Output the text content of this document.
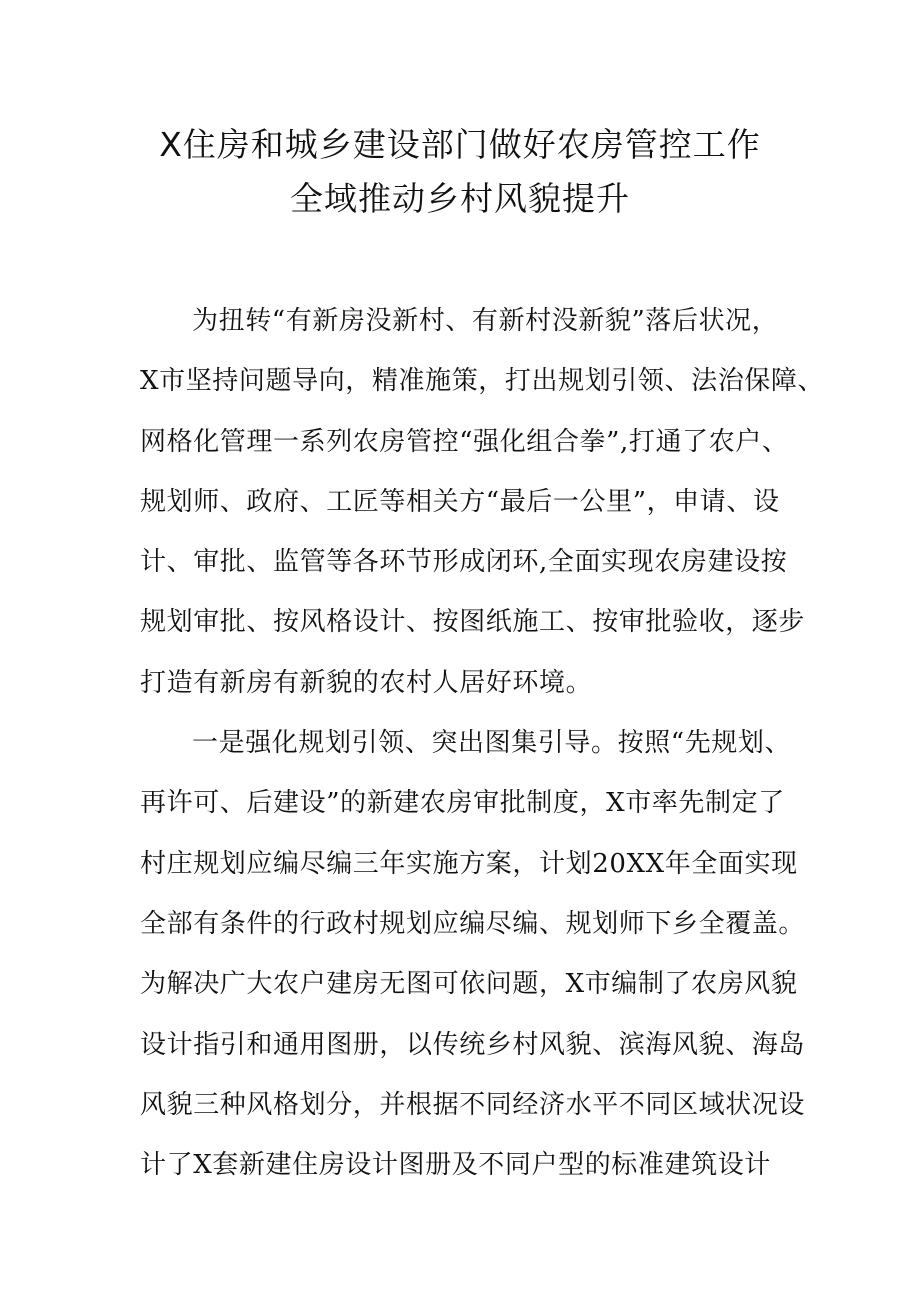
X住房和城乡建设部门做好农房管控工作
全域推动乡村风貌提升
为扭转“有新房没新村、有新村没新貌”落后状况，
X市坚持问题导向，精准施策，打出规划引领、法治保障、
网格化管理一系列农房管控“强化组合拳”,打通了农户、
规划师、政府、工匠等相关方“最后一公里”，申请、设
计、审批、监管等各环节形成闭环,全面实现农房建设按
规划审批、按风格设计、按图纸施工、按审批验收，逐步
打造有新房有新貌的农村人居好环境。
一是强化规划引领、突出图集引导。按照“先规划、
再许可、后建设”的新建农房审批制度，X市率先制定了
村庄规划应编尽编三年实施方案，计划20XX年全面实现
全部有条件的行政村规划应编尽编、规划师下乡全覆盖。
为解决广大农户建房无图可依问题，X市编制了农房风貌
设计指引和通用图册，以传统乡村风貌、滨海风貌、海岛
风貌三种风格划分，并根据不同经济水平不同区域状况设
计了X套新建住房设计图册及不同户型的标准建筑设计
